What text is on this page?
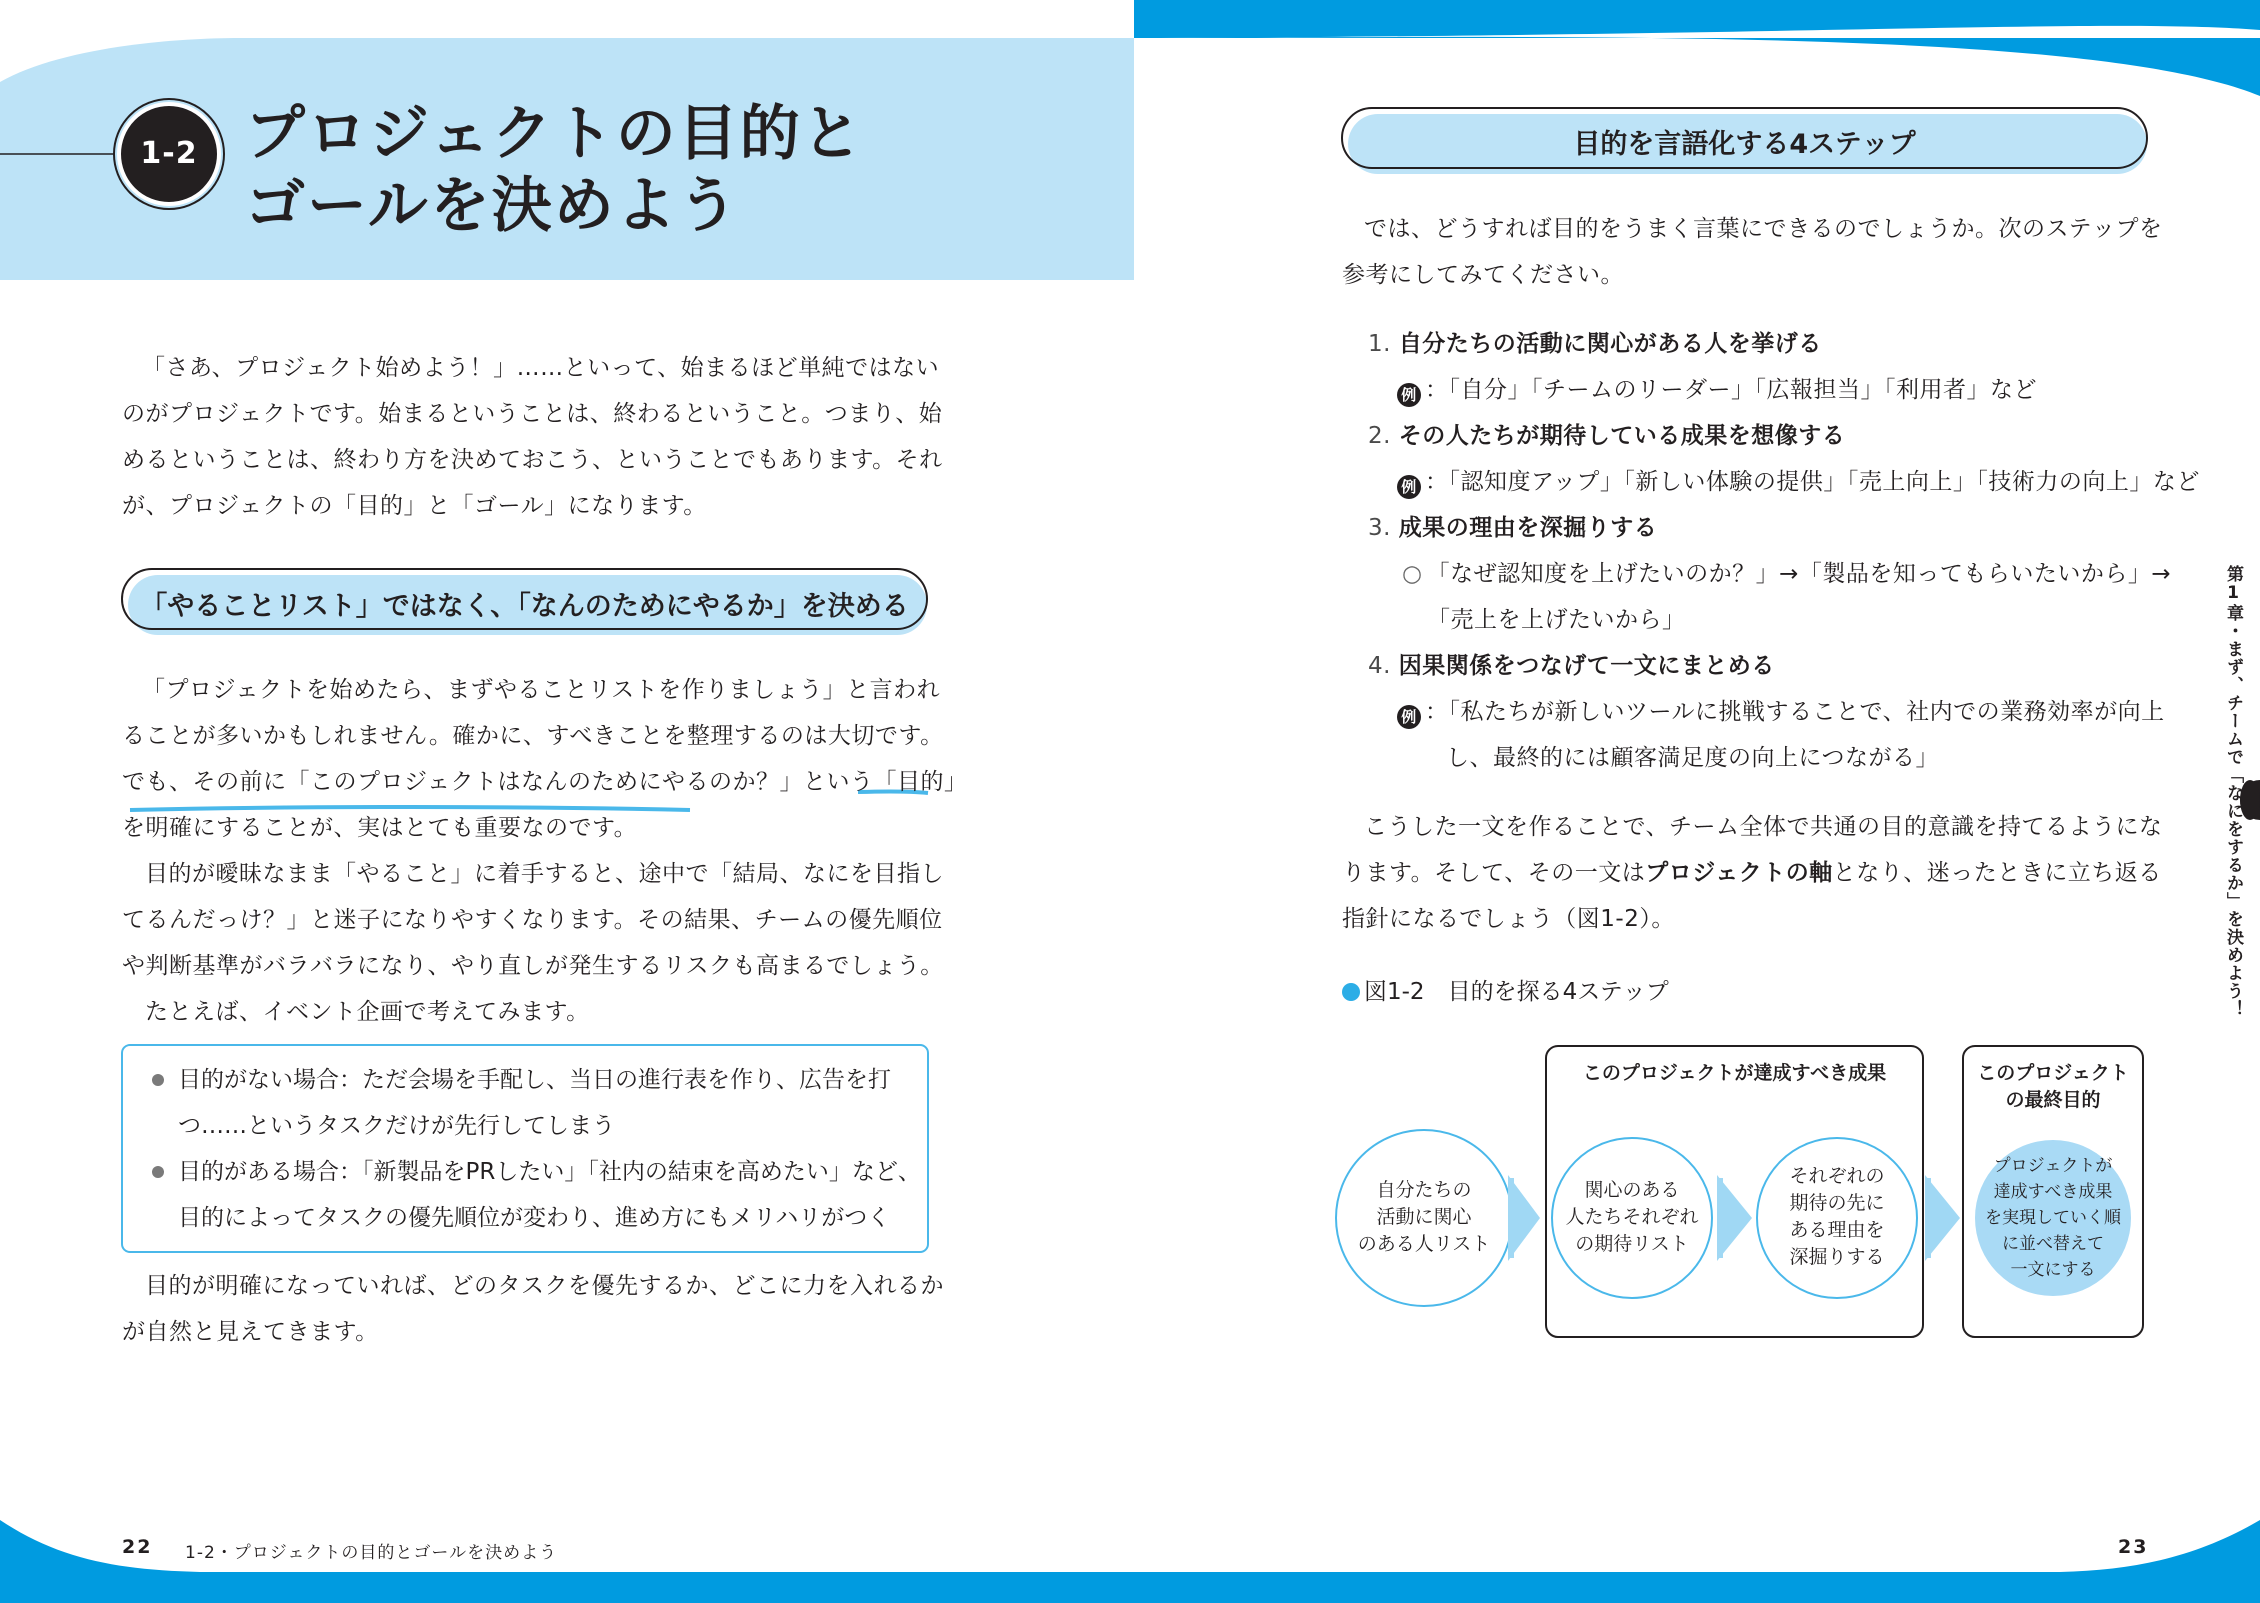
1-2 プロジェクトの目的と
ゴールを決めよう
「さあ、プロジェクト始めよう！」……といって、始まるほど単純ではない
のがプロジェクトです。始まるということは、終わるということ。つまり、始
めるということは、終わり方を決めておこう、ということでもあります。それ
が、プロジェクトの「目的」と「ゴール」になります。
「やることリスト」ではなく、「なんのためにやるか」を決める
「プロジェクトを始めたら、まずやることリストを作りましょう」と言われ
ることが多いかもしれません。確かに、すべきことを整理するのは大切です。
でも、その前に「このプロジェクトはなんのためにやるのか？」という「目的」
を明確にすることが、実はとても重要なのです。
目的が曖昧なまま「やること」に着手すると、途中で「結局、なにを目指し
てるんだっけ？」と迷子になりやすくなります。その結果、チームの優先順位
や判断基準がバラバラになり、やり直しが発生するリスクも高まるでしょう。
たとえば、イベント企画で考えてみます。
目的がない場合：ただ会場を手配し、当日の進行表を作り、広告を打
つ……というタスクだけが先行してしまう
目的がある場合：「新製品をPRしたい」「社内の結束を高めたい」など、
目的によってタスクの優先順位が変わり、進め方にもメリハリがつく
目的が明確になっていれば、どのタスクを優先するか、どこに力を入れるか
が自然と見えてきます。
22 1-2・プロジェクトの目的とゴールを決めよう
目的を言語化する4ステップ
では、どうすれば目的をうまく言葉にできるのでしょうか。次のステップを
参考にしてみてください。
1. 自分たちの活動に関心がある人を挙げる
例 ：「自分」「チームのリーダー」「広報担当」「利用者」など
2. その人たちが期待している成果を想像する
例 ：「認知度アップ」「新しい体験の提供」「売上向上」「技術力の向上」など
3. 成果の理由を深掘りする
○ 「なぜ認知度を上げたいのか？」→「製品を知ってもらいたいから」→
「売上を上げたいから」
4. 因果関係をつなげて一文にまとめる
例 ：「私たちが新しいツールに挑戦することで、社内での業務効率が向上
し、最終的には顧客満足度の向上につながる」
こうした一文を作ることで、チーム全体で共通の目的意識を持てるようにな
ります。そして、その一文はプロジェクトの軸となり、迷ったときに立ち返る
指針になるでしょう（図1-2）。
図1-2　目的を探る4ステップ
このプロジェクトが達成すべき成果	このプロジェクト
の最終目的
自分たちの
活動に関心
のある人リスト
関心のある
人たちそれぞれ
の期待リスト
それぞれの
期待の先に
ある理由を
深掘りする
プロジェクトが
達成すべき成果
を実現していく順
に並べ替えて
一文にする
第1章・まず、チームで「なにをするか」を決めよう！
23
